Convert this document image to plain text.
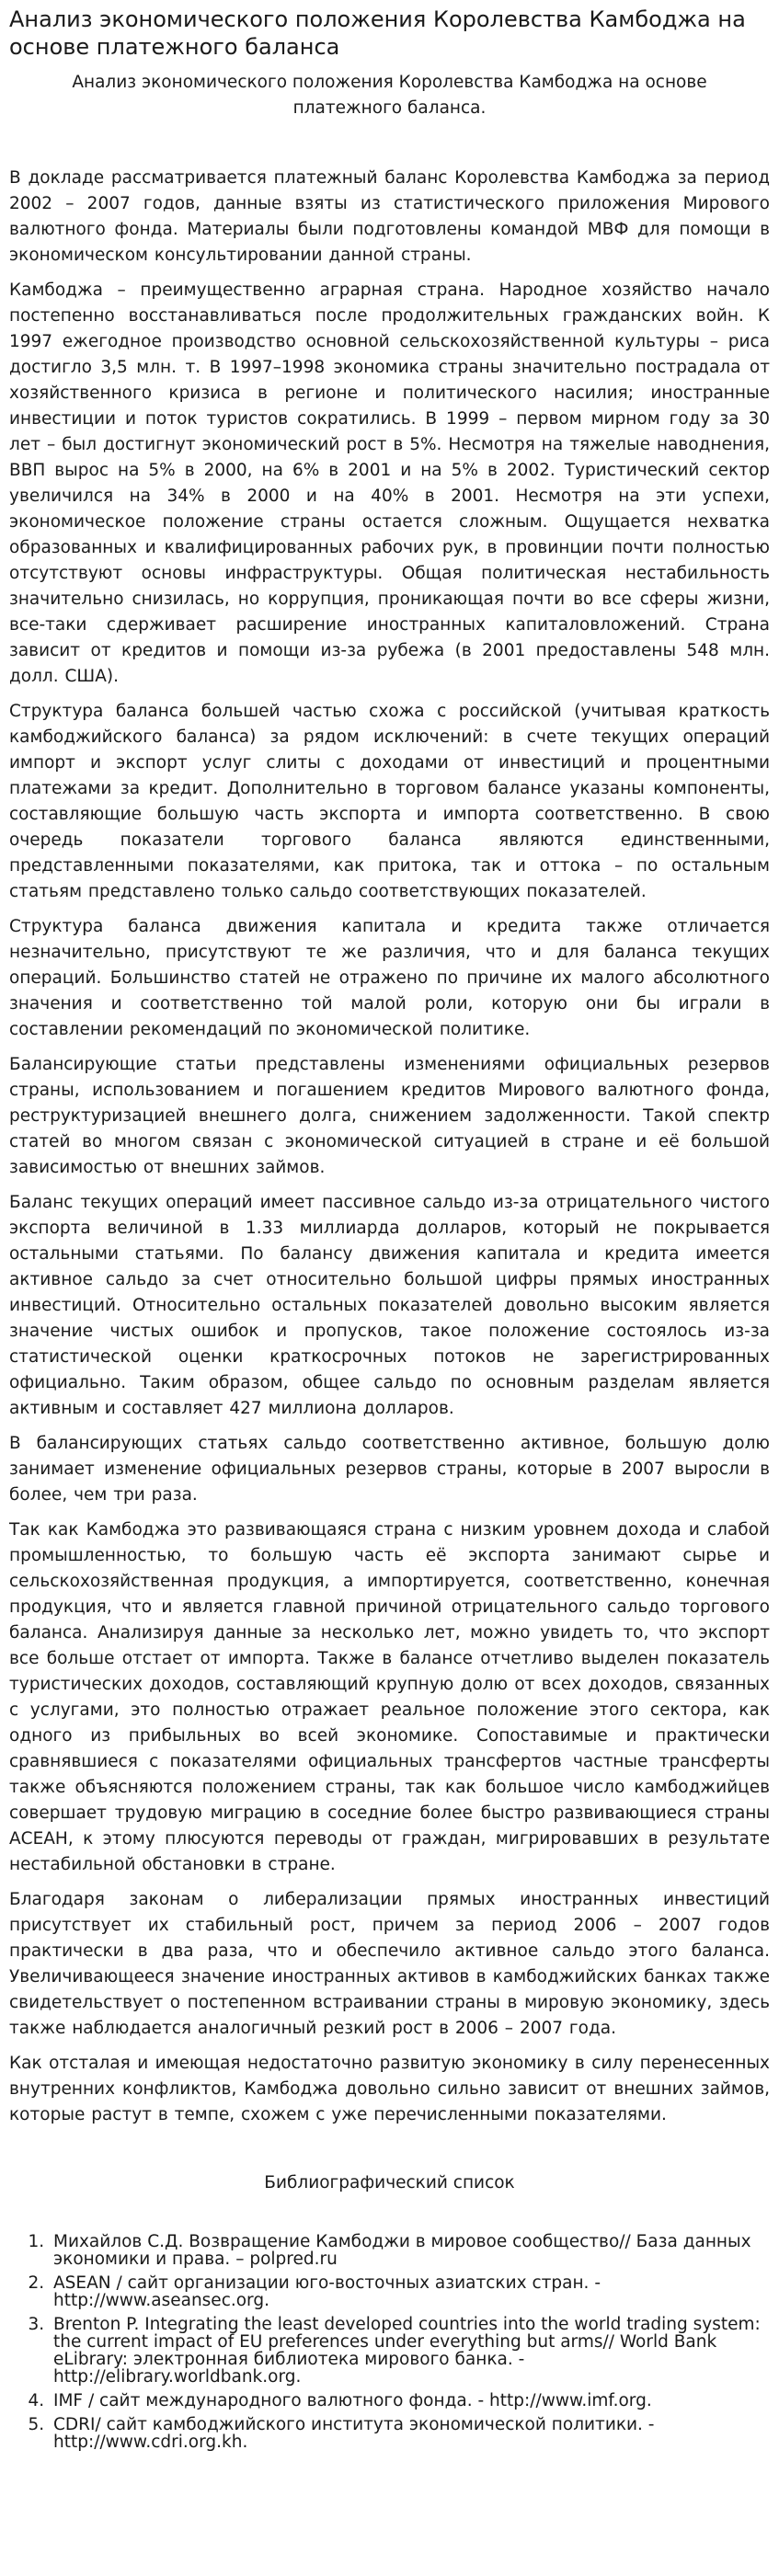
Анализ экономического положения Королевства Камбоджа на основе платежного баланса
Анализ экономического положения Королевства Камбоджа на основе платежного баланса.

В докладе рассматривается платежный баланс Королевства Камбоджа за период 2002 – 2007 годов, данные взяты из статистического приложения Мирового валютного фонда. Материалы были подготовлены командой МВФ для помощи в экономическом консультировании данной страны.

Камбоджа – преимущественно аграрная страна. Народное хозяйство начало постепенно восстанавливаться после продолжительных гражданских войн. К 1997 ежегодное производство основной сельскохозяйственной культуры – риса достигло 3,5 млн. т. В 1997–1998 экономика страны значительно пострадала от хозяйственного кризиса в регионе и политического насилия; иностранные инвестиции и поток туристов сократились. В 1999 – первом мирном году за 30 лет – был достигнут экономический рост в 5%. Несмотря на тяжелые наводнения, ВВП вырос на 5% в 2000, на 6% в 2001 и на 5% в 2002. Туристический сектор увеличился на 34% в 2000 и на 40% в 2001. Несмотря на эти успехи, экономическое положение страны остается сложным. Ощущается нехватка образованных и квалифицированных рабочих рук, в провинции почти полностью отсутствуют основы инфраструктуры. Общая политическая нестабильность значительно снизилась, но коррупция, проникающая почти во все сферы жизни, все-таки сдерживает расширение иностранных капиталовложений. Страна зависит от кредитов и помощи из-за рубежа (в 2001 предоставлены 548 млн. долл. США).

Структура баланса большей частью схожа с российской (учитывая краткость камбоджийского баланса) за рядом исключений: в счете текущих операций импорт и экспорт услуг слиты с доходами от инвестиций и процентными платежами за кредит. Дополнительно в торговом балансе указаны компоненты, составляющие большую часть экспорта и импорта соответственно. В свою очередь показатели торгового баланса являются единственными, представленными показателями, как притока, так и оттока – по остальным статьям представлено только сальдо соответствующих показателей.

Структура баланса движения капитала и кредита также отличается незначительно, присутствуют те же различия, что и для баланса текущих операций. Большинство статей не отражено по причине их малого абсолютного значения и соответственно той малой роли, которую они бы играли в составлении рекомендаций по экономической политике.

Балансирующие статьи представлены изменениями официальных резервов страны, использованием и погашением кредитов Мирового валютного фонда, реструктуризацией внешнего долга, снижением задолженности. Такой спектр статей во многом связан с экономической ситуацией в стране и её большой зависимостью от внешних займов.

Баланс текущих операций имеет пассивное сальдо из-за отрицательного чистого экспорта величиной в 1.33 миллиарда долларов, который не покрывается остальными статьями. По балансу движения капитала и кредита имеется активное сальдо за счет относительно большой цифры прямых иностранных инвестиций. Относительно остальных показателей довольно высоким является значение чистых ошибок и пропусков, такое положение состоялось из-за статистической оценки краткосрочных потоков не зарегистрированных официально. Таким образом, общее сальдо по основным разделам является активным и составляет 427 миллиона долларов.

В балансирующих статьях сальдо соответственно активное, большую долю занимает изменение официальных резервов страны, которые в 2007 выросли в более, чем три раза.

Так как Камбоджа это развивающаяся страна с низким уровнем дохода и слабой промышленностью, то большую часть её экспорта занимают сырье и сельскохозяйственная продукция, а импортируется, соответственно, конечная продукция, что и является главной причиной отрицательного сальдо торгового баланса. Анализируя данные за несколько лет, можно увидеть то, что экспорт все больше отстает от импорта. Также в балансе отчетливо выделен показатель туристических доходов, составляющий крупную долю от всех доходов, связанных с услугами, это полностью отражает реальное положение этого сектора, как одного из прибыльных во всей экономике. Сопоставимые и практически сравнявшиеся с показателями официальных трансфертов частные трансферты также объясняются положением страны, так как большое число камбоджийцев совершает трудовую миграцию в соседние более быстро развивающиеся страны АСЕАН, к этому плюсуются переводы от граждан, мигрировавших в результате нестабильной обстановки в стране.

Благодаря законам о либерализации прямых иностранных инвестиций присутствует их стабильный рост, причем за период 2006 – 2007 годов практически в два раза, что и обеспечило активное сальдо этого баланса. Увеличивающееся значение иностранных активов в камбоджийских банках также свидетельствует о постепенном встраивании страны в мировую экономику, здесь также наблюдается аналогичный резкий рост в 2006 – 2007 года.

Как отсталая и имеющая недостаточно развитую экономику в силу перенесенных внутренних конфликтов, Камбоджа довольно сильно зависит от внешних займов, которые растут в темпе, схожем с уже перечисленными показателями.

Библиографический список
1. Михайлов С.Д. Возвращение Камбоджи в мировое сообщество// База данных экономики и права. – polpred.ru
2. ASEAN / сайт организации юго-восточных азиатских стран. - http://www.aseansec.org.
3. Brenton P. Integrating the least developed countries into the world trading system: the current impact of EU preferences under everything but arms// World Bank eLibrary: электронная библиотека мирового банка. - http://elibrary.worldbank.org.
4. IMF / сайт международного валютного фонда. - http://www.imf.org.
5. CDRI/ сайт камбоджийского института экономической политики. - http://www.cdri.org.kh.
